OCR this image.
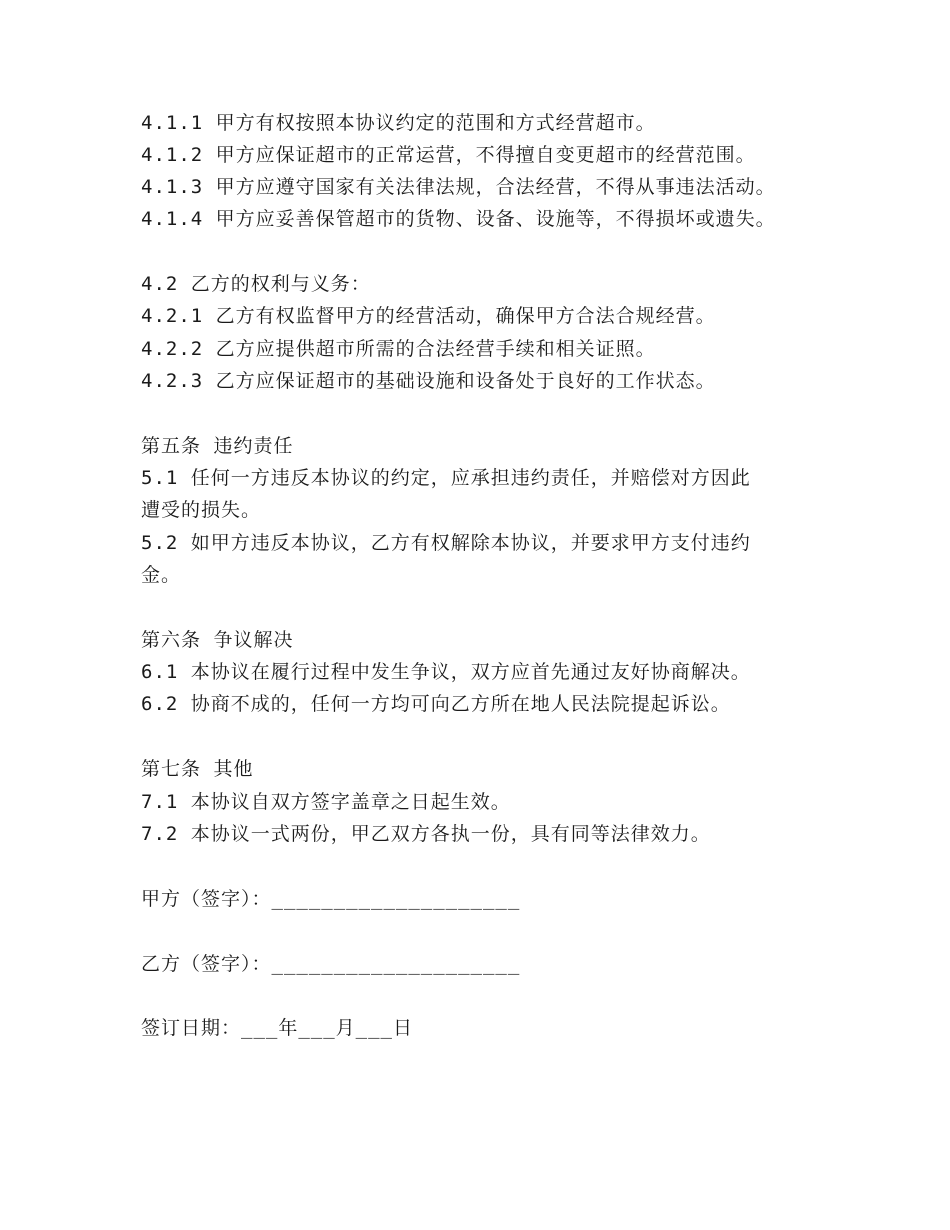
4.1.1 甲方有权按照本协议约定的范围和方式经营超市。
4.1.2 甲方应保证超市的正常运营，不得擅自变更超市的经营范围。
4.1.3 甲方应遵守国家有关法律法规，合法经营，不得从事违法活动。
4.1.4 甲方应妥善保管超市的货物、设备、设施等，不得损坏或遗失。
4.2 乙方的权利与义务：
4.2.1 乙方有权监督甲方的经营活动，确保甲方合法合规经营。
4.2.2 乙方应提供超市所需的合法经营手续和相关证照。
4.2.3 乙方应保证超市的基础设施和设备处于良好的工作状态。
第五条 违约责任
5.1 任何一方违反本协议的约定，应承担违约责任，并赔偿对方因此
遭受的损失。
5.2 如甲方违反本协议，乙方有权解除本协议，并要求甲方支付违约
金。
第六条 争议解决
6.1 本协议在履行过程中发生争议，双方应首先通过友好协商解决。
6.2 协商不成的，任何一方均可向乙方所在地人民法院提起诉讼。
第七条 其他
7.1 本协议自双方签字盖章之日起生效。
7.2 本协议一式两份，甲乙双方各执一份，具有同等法律效力。
甲方（签字）：____________________
乙方（签字）：____________________
签订日期：___年___月___日
